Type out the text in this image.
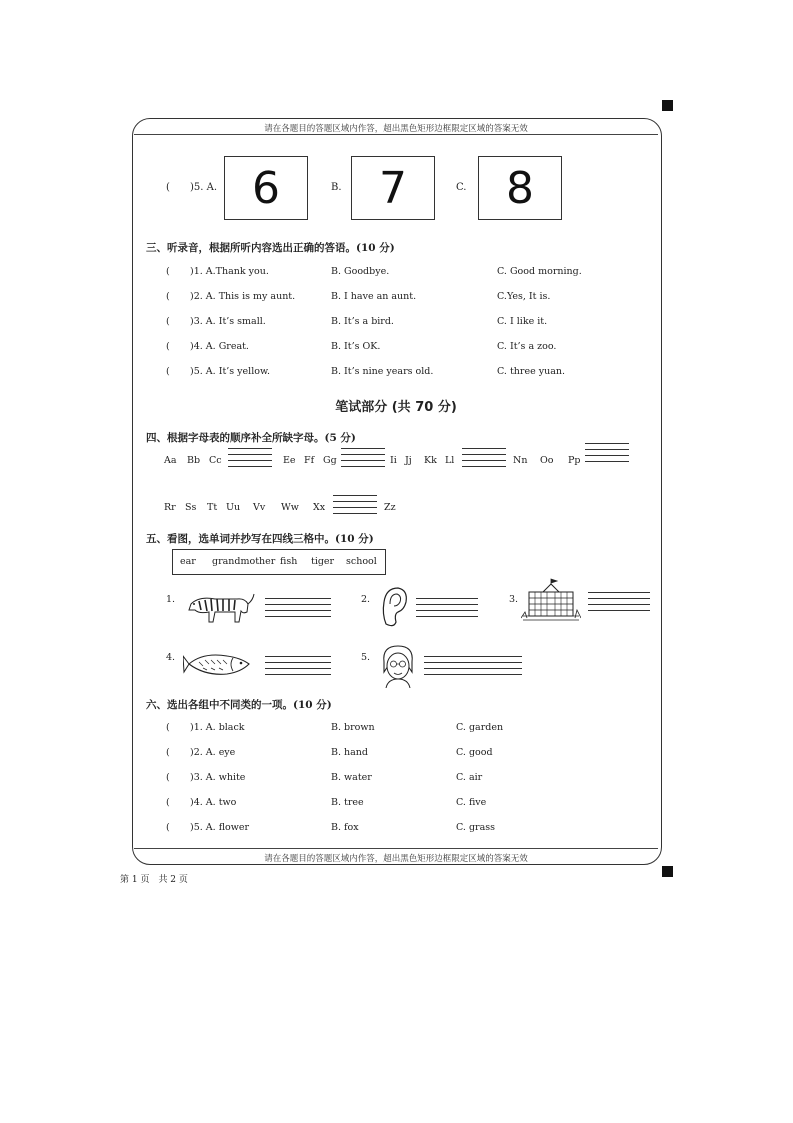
请在各题目的答题区域内作答，超出黑色矩形边框限定区域的答案无效
请在各题目的答题区域内作答，超出黑色矩形边框限定区域的答案无效
( )5. A. 6	B. 7	C. 8
三、听录音，根据所听内容选出正确的答语。(10 分)
( )1. A.Thank you.	B. Goodbye.	C. Good morning.
( )2. A. This is my aunt.	B. I have an aunt.	C.Yes, It is.
( )3. A. It’s small.	B. It’s a bird.	C. I like it.
( )4. A. Great.	B. It’s OK.	C. It’s a zoo.
( )5. A. It’s yellow.	B. It’s nine years old.	C. three yuan.
笔试部分 (共 70 分)
四、根据字母表的顺序补全所缺字母。(5 分)
Aa Bb Cc	Ee Ff Gg	Ii Jj Kk Ll	Nn Oo Pp
Rr Ss Tt Uu Vv Ww Xx	Zz
五、看图，选单词并抄写在四线三格中。(10 分)
ear grandmother fish tiger school
1.	2.	3.
4.	5.
六、选出各组中不同类的一项。(10 分)
( )1. A. black	B. brown	C. garden
( )2. A. eye	B. hand	C. good
( )3. A. white	B. water	C. air
( )4. A. two	B. tree	C. five
( )5. A. flower	B. fox	C. grass
第 1 页　共 2 页
